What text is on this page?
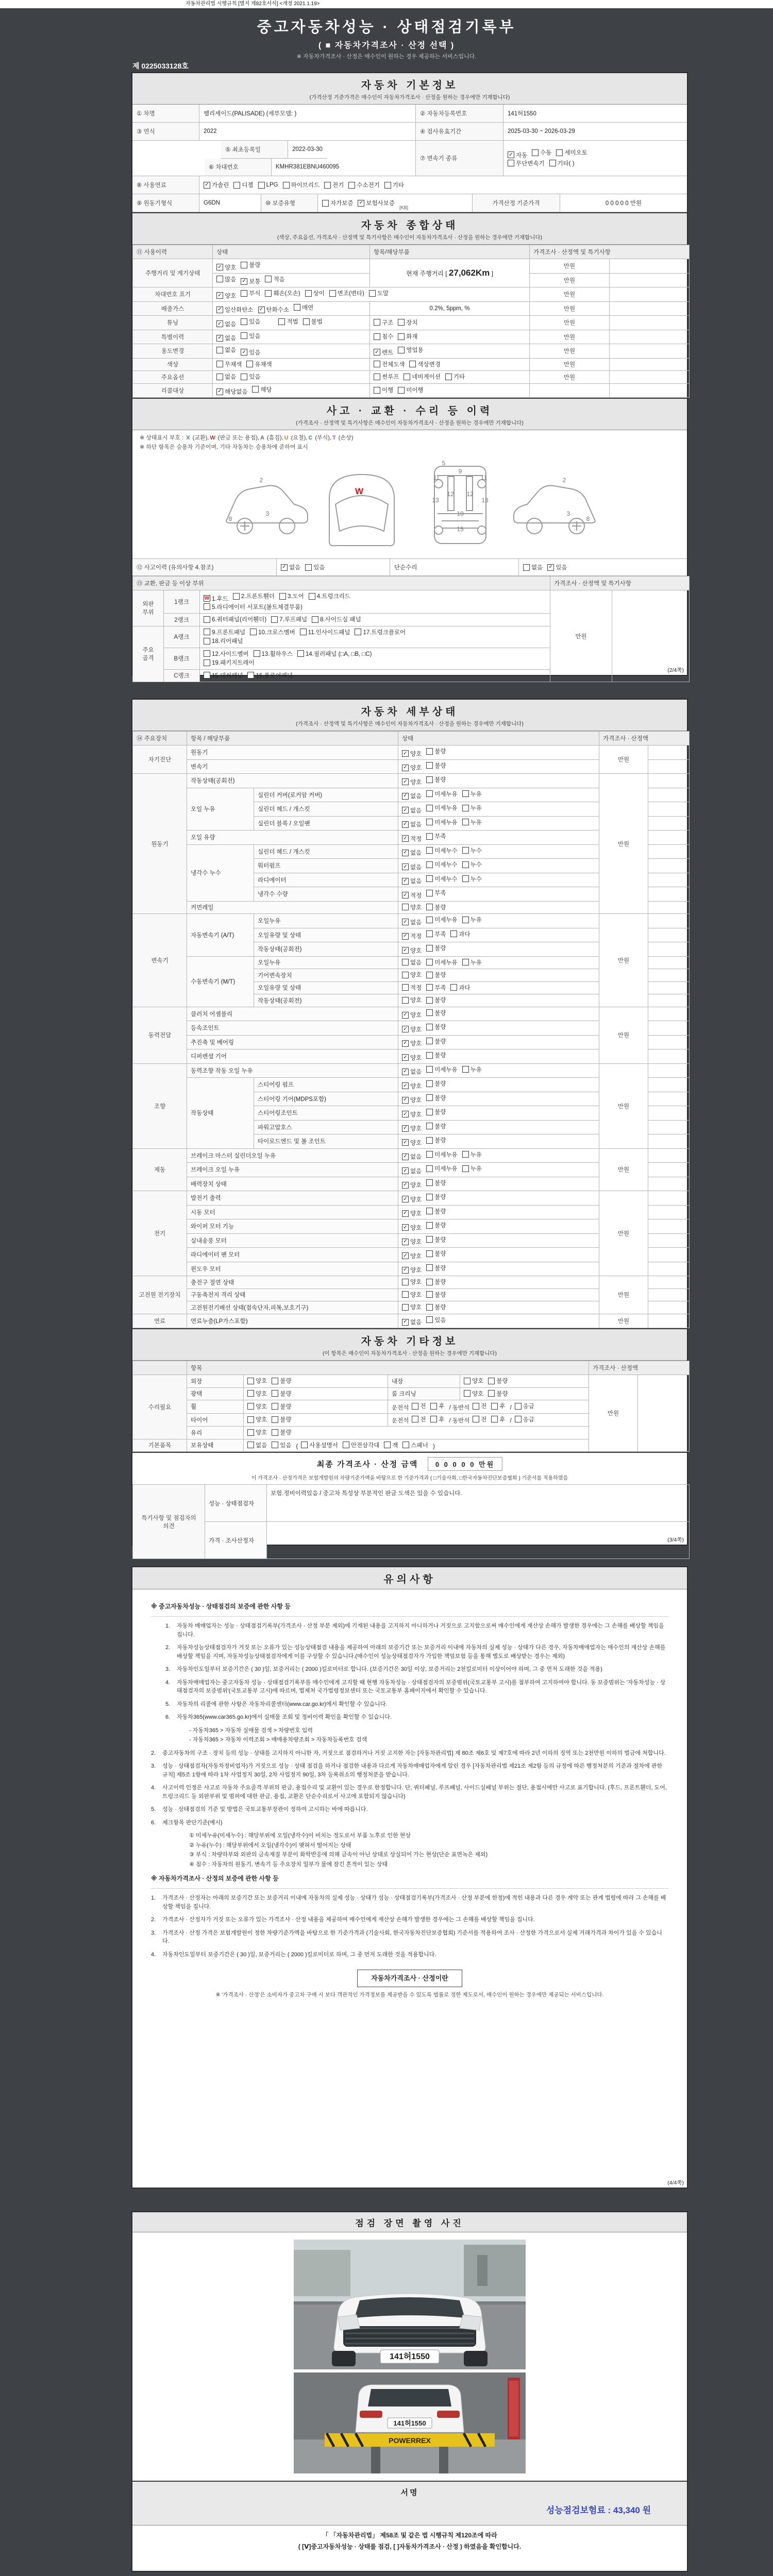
자동차관리법 시행규칙 [별지 제82호서식] <개정 2021.1.19>
중고자동차성능 · 상태점검기록부
( ■ 자동차가격조사 · 산정 선택 )
※ 자동차가격조사 · 산정은 매수인이 원하는 경우 제공하는 서비스입니다.
제 0225033128호
자동차 기본정보
(가격산정 기준가격은 매수인이 자동차가격조사 · 산정을 원하는 경우에만 기재합니다)
① 차명	팰리세이드(PALISADE) (세부모델: )	② 자동차등록번호	141허1550
③ 연식	2022	④ 검사유효기간	2025-03-30 ~ 2026-03-29
⑤ 최초등록일	2022-03-30
⑥ 차대번호	KMHR381EBNU460095
⑦ 변속기 종류
✓ 자동 수동 세미오토
무단변속기 기타( )
⑧ 사용연료	✓ 가솔린 디젤 LPG 하이브리드 전기 수소전기 기타
⑨ 원동기형식	G6DN	⑩ 보증유형	자가보증 ✓ 보험사보증
[KB]
가격산정 기준가격	0 0 0 0 0 만원
자동차 종합상태
(색상, 주요옵션, 가격조사 · 산정액 및 특기사항은 매수인이 자동차가격조사 · 산정을 원하는 경우에만 기재합니다)
⑪ 사용이력	상태	항목/해당부품	가격조사 · 산정액 및 특기사항	
주행거리 및 계기상태	✓ 양호 불량	현재 주행거리 [ 27,062Km ]	만원	

	많음 ✓ 보통 적음		만원	
차대번호 표기	✓ 양호 부식 훼손(오손) 상이 변조(변타) 도말	만원	
배출가스	✓ 일산화탄소 ✓ 탄화수소 매연	0.2%, 5ppm, %	만원	
튜닝	✓ 없음 있음 적법 불법	구조 장치	만원	
특별이력	✓ 없음 있음	침수 화재	만원	
용도변경	없음 ✓ 있음	✓ 렌트 영업용	만원	
색상	무채색 유채색	전체도색 색상변경	만원	
주요옵션	없음 있음	썬루프 네비게이션 기타	만원	
리콜대상	✓ 해당없음 해당	이행 미이행		

사고 · 교환 · 수리 등 이력
(가격조사 · 산정액 및 특기사항은 매수인이 자동차가격조사 · 산정을 원하는 경우에만 기재합니다)
※ 상태표시 부호 : X (교환), W (판금 또는 용접), A (흠집), U (요철), C (부식), T (손상)
※ 하단 항목은 승용차 기준이며, 기타 자동차는 승용차에 준하여 표시
2
8
3
5
11	11
13	13
12 12
9
10
15
2
3
8
W
⑫ 사고이력 (유의사항 4.참조)	✓ 없음 있음	단순수리	없음 ✓ 있음
⑬ 교환, 판금 등 이상 부위			가격조사 · 산정액 및 특기사항	
외판 부위	1랭크	
W 1.후드 2.프론트휀더 3.도어 4.트렁크리드
5.라디에이터 서포트(볼트체결부품)
	만원	
	2랭크	6.쿼터패널(리어휀더) 7.루프패널 8.사이드실 패널		

주요 골격	A랭크	9.프론트패널 10.크로스멤버 11.인사이드패널 17.트렁크플로어
18.리어패널		

	B랭크	12.사이드멤버 13.휠하우스 14.필러패널 (□A, □B, □C)
19.패키지트레이		

	C랭크	15.대쉬패널 16.플로어패널		
(2/4쪽)
자동차 세부상태
(가격조사 · 산정액 및 특기사항은 매수인이 자동차가격조사 · 산정을 원하는 경우에만 기재합니다)
⑭ 주요장치	항목 / 해당부품		상태	가격조사 · 산정액	
자기진단	원동기		✓ 양호 불량	만원	
	변속기		✓ 양호 불량		

원동기	작동상태(공회전)		✓ 양호 불량	만원	
	오일 누유	실린더 커버(로커암 커버)	✓ 없음 미세누유 누유		

		실린더 헤드 / 개스킷	✓ 없음 미세누유 누유		

		실린더 블록 / 오일팬	✓ 없음 미세누유 누유		

	오일 유량		✓ 적정 부족		

	냉각수 누수	실린더 헤드 / 개스킷	✓ 없음 미세누수 누수		

		워터펌프	✓ 없음 미세누수 누수		

		라디에이터	✓ 없음 미세누수 누수		

		냉각수 수량	✓ 적정 부족		

	커먼레일		양호 불량		

변속기	자동변속기 (A/T)	오일누유	✓ 없음 미세누유 누유	만원	
		오일유량 및 상태	✓ 적정 부족 과다		

		작동상태(공회전)	✓ 양호 불량		

	수동변속기 (M/T)	오일누유	없음 미세누유 누유		

		기어변속장치	양호 불량		

		오일유량 및 상태	적정 부족 과다		

		작동상태(공회전)	양호 불량		

동력전달	클러치 어셈블리		✓ 양호 불량	만원	
	등속조인트		✓ 양호 불량		

	추진축 및 베어링		✓ 양호 불량		

	디퍼렌셜 기어		✓ 양호 불량		

조향	동력조향 작동 오일 누유		✓ 없음 미세누유 누유	만원	
	작동상태	스티어링 펌프	✓ 양호 불량		

		스티어링 기어(MDPS포함)	✓ 양호 불량		

		스티어링조인트	✓ 양호 불량		

		파워고압호스	✓ 양호 불량		

		타이로드엔드 및 볼 조인트	✓ 양호 불량		

제동	브레이크 마스터 실린더오일 누유		✓ 없음 미세누유 누유	만원	
	브레이크 오일 누유		✓ 없음 미세누유 누유		

	배력장치 상태		✓ 양호 불량		

전기	발전기 출력		✓ 양호 불량	만원	
	시동 모터		✓ 양호 불량		

	와이퍼 모터 기능		✓ 양호 불량		

	실내송풍 모터		✓ 양호 불량		

	라디에이터 팬 모터		✓ 양호 불량		

	윈도우 모터		✓ 양호 불량		

고전원 전기장치	충전구 절연 상태		양호 불량	만원	
	구동축전지 격리 상태		양호 불량		

	고전원전기배선 상태(접속단자,피복,보호기구)		양호 불량		

연료	연료누출(LP가스포함)		✓ 없음 있음	만원	
자동차 기타정보
(이 항목은 매수인이 자동차가격조사 · 산정을 원하는 경우에만 기재합니다)
	항목				가격조사 · 산정액	
수리필요	외장	양호 불량	내장	양호 불량	만원	
	광택	양호 불량	룸 크리닝	양호 불량		

휠	양호 불량	운전석 전 후 / 동반석 전 후 / 응급

타이어	양호 불량	운전석 전 후 / 동반석 전 후 / 응급

	유리	양호 불량				

기본품목	보유상태	없음 있음 ( 사용설명서 안전삼각대 잭 스패너 )
최종 가격조사 · 산정 금액	0 0 0 0 0 만원
이 가격조사 · 산정가격은 보험개발원의 차량기준가액을 바탕으로 한 기준가격과 ( □기술사회, □한국자동차진단보증협회 ) 기준서를 적용하였음
특기사항 및 점검자의 의견	성능 · 상태점검자	보험.정비이력있음 / 중고차 특성상 부분적인 판금 도색은 있을 수 있습니다.
	가격 · 조사산정자		(3/4쪽)
유의사항
※ 중고자동차성능 · 상태점검의 보증에 관한 사항 등
1.	자동차 매매업자는 성능 · 상태점검기록부(가격조사 · 산정 부분 제외)에 기재된 내용을 고지하지 아니하거나 거짓으로 고지함으로써 매수인에게 재산상 손해가 발생한 경우에는 그 손해를 배상할 책임을 집니다.
2.	자동차성능상태점검자가 거짓 또는 오류가 있는 성능상태점검 내용을 제공하여 아래의 보증기간 또는 보증거리 이내에 자동차의 실제 성능 · 상태가 다른 경우, 자동차매매업자는 매수인의 재산상 손해를 배상할 책임을 지며, 자동차성능상태점검자에게 이를 구상할 수 있습니다.(매수인이 성능상태점검자가 가입한 책임보험 등을 통해 별도로 배상받는 경우는 제외)
3.	자동차인도일부터 보증기간은 ( 30 )일, 보증거리는 ( 2000 )킬로미터로 합니다. (보증기간은 30일 이상, 보증거리는 2천킬로미터 이상이어야 하며, 그 중 먼저 도래한 것을 적용)
4.	자동차매매업자는 중고자동차 성능 · 상태점검기록부를 매수인에게 고지할 때 현행 자동차성능 · 상태점검자의 보증범위(국토교통부 고시)를 첨부하여 고지하여야 합니다. 동 보증범위는 '자동차성능 · 상태점검자의 보증범위'(국토교통부 고시)에 따르며, 법제처 국가법령정보센터 또는 국토교통부 홈페이지에서 확인할 수 있습니다.
5.	자동차의 리콜에 관한 사항은 자동차리콜센터(www.car.go.kr)에서 확인할 수 있습니다.
6.	자동차365(www.car365.go.kr)에서 실매물 조회 및 정비이력 확인을 확인할 수 있습니다.
- 자동차365 > 자동차 실매물 검색 > 차량번호 입력
- 자동차365 > 자동차 이력조회 > 매매용차량조회 > 자동차등록번호 검색
2.	중고자동차의 구조 · 장치 등의 성능 · 상태를 고지하지 아니한 자, 거짓으로 점검하거나 거짓 고지한 자는 [자동차관리법] 제 80조 제6호 및 제7호에 따라 2년 이하의 징역 또는 2천만원 이하의 벌금에 처합니다.
3.	성능 · 상태점검자(자동차정비업자)가 거짓으로 성능 · 상태 점검을 하거나 점검한 내용과 다르게 자동차매매업자에게 알린 경우 [자동차관리법 제21조 제2항 등의 규정에 따른 행정처분의 기준과 절차에 관한 규칙] 제5조 1항에 따라 1차 사업정지 30일, 2차 사업정지 90일, 3차 등록취소의 행정처분을 받습니다.
4.	사고이력 인정은 사고로 자동차 주요골격 부위의 판금, 용접수리 및 교환이 있는 경우로 한정합니다. 단, 쿼터패널, 루프패널, 사이드실패널 부위는 절단, 용접시에만 사고로 표기합니다. (후드, 프론트휀더, 도어, 트렁크리드 등 외판부위 및 범퍼에 대한 판금, 용접, 교환은 단순수리로서 사고에 포함되지 않습니다)
5.	성능 · 상태점검의 기준 및 방법은 국토교통부장관이 정하여 고시하는 바에 따릅니다.
6.	체크항목 판단기준(예시)
① 미세누유(미세누수) : 해당부위에 오일(냉각수)이 비치는 정도로서 부품 노후로 인한 현상
② 누유(누수) : 해당부위에서 오일(냉각수)이 맺혀서 떨어지는 상태
③ 부식 : 차량하부와 외판의 금속재질 부분이 화학반응에 의해 금속이 아닌 상태로 상실되어 가는 현상(단순 표면녹은 제외)
④ 침수 : 자동차의 원동기, 변속기 등 주요장치 일부가 물에 잠긴 흔적이 있는 상태
※ 자동차가격조사 · 산정의 보증에 관한 사항 등
1.	가격조사 · 산정자는 아래의 보증기간 또는 보증거리 이내에 자동차의 실제 성능 · 상태가 성능 · 상태점검기록부(가격조사 · 산정 부분에 한정)에 적힌 내용과 다른 경우 계약 또는 관계 법령에 따라 그 손해를 배상할 책임을 집니다.
2.	가격조사 · 산정자가 거짓 또는 오류가 있는 가격조사 · 산정 내용을 제공하여 매수인에게 재산상 손해가 발생한 경우에는 그 손해를 배상할 책임을 집니다.
3.	가격조사 · 산정 가격은 보험개발원이 정한 차량기준가액을 바탕으로 한 기준가격과 (기술사회, 한국자동차진단보증협회) 기준서를 적용하여 조사 · 산정한 가격으로서 실제 거래가격과 차이가 있을 수 있습니다.
4.	자동차인도일부터 보증기간은 ( 30 )일, 보증거리는 ( 2000 )킬로미터로 하며, 그 중 먼저 도래한 것을 적용합니다.
자동차가격조사 · 산정이란
※ '가격조사 · 산정'은 소비자가 중고차 구매 시 보다 객관적인 가격정보를 제공받을 수 있도록 법률로 정한 제도로서, 매수인이 원하는 경우에만 제공되는 서비스입니다.
(4/4쪽)
점검 장면 촬영 사진
141허1550
141허1550
POWERREX
서명
성능점검보험료 : 43,340 원
「 「자동차관리법」 제58조 및 같은 법 시행규칙 제120조에 따라
( [Ⅴ]중고자동차성능 · 상태를 점검, [ ]자동차가격조사 · 산정 ) 하였음을 확인합니다.
